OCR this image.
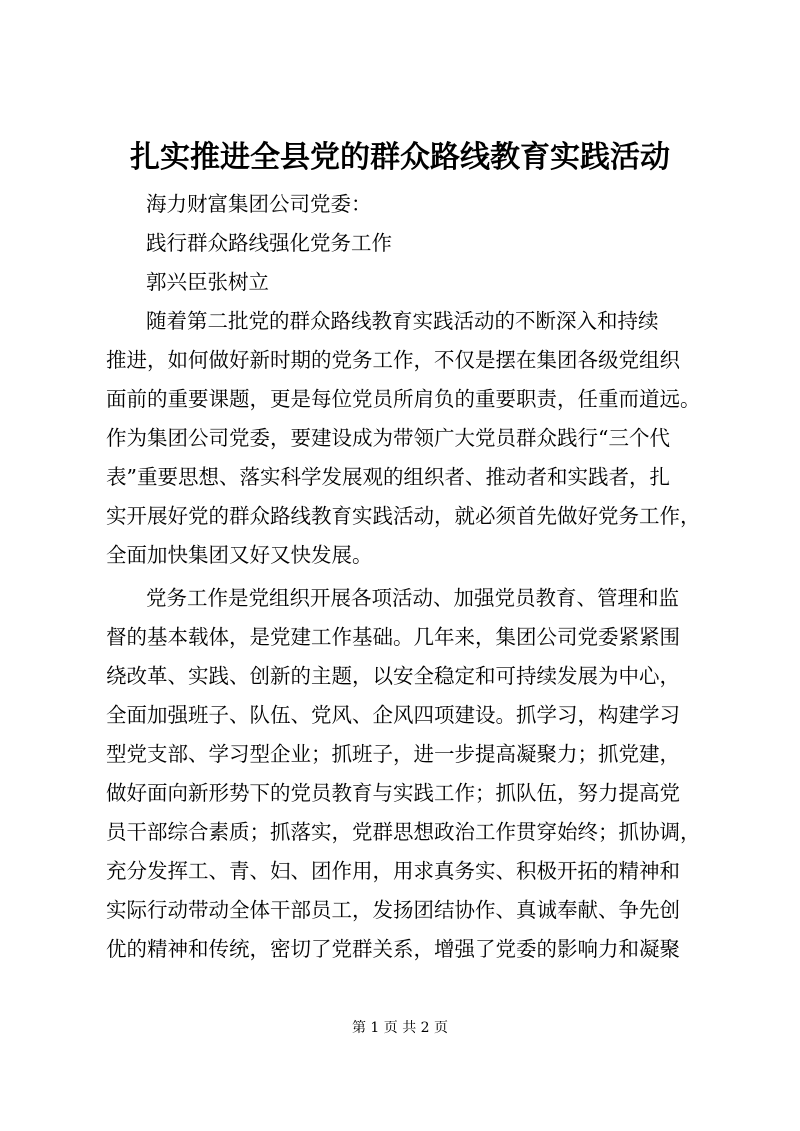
扎实推进全县党的群众路线教育实践活动
海力财富集团公司党委：
践行群众路线强化党务工作
郭兴臣张树立
随着第二批党的群众路线教育实践活动的不断深入和持续
推进，如何做好新时期的党务工作，不仅是摆在集团各级党组织
面前的重要课题，更是每位党员所肩负的重要职责，任重而道远。
作为集团公司党委，要建设成为带领广大党员群众践行“三个代
表”重要思想、落实科学发展观的组织者、推动者和实践者，扎
实开展好党的群众路线教育实践活动，就必须首先做好党务工作，
全面加快集团又好又快发展。
党务工作是党组织开展各项活动、加强党员教育、管理和监
督的基本载体，是党建工作基础。几年来，集团公司党委紧紧围
绕改革、实践、创新的主题，以安全稳定和可持续发展为中心，
全面加强班子、队伍、党风、企风四项建设。抓学习，构建学习
型党支部、学习型企业；抓班子，进一步提高凝聚力；抓党建，
做好面向新形势下的党员教育与实践工作；抓队伍，努力提高党
员干部综合素质；抓落实，党群思想政治工作贯穿始终；抓协调，
充分发挥工、青、妇、团作用，用求真务实、积极开拓的精神和
实际行动带动全体干部员工，发扬团结协作、真诚奉献、争先创
优的精神和传统，密切了党群关系，增强了党委的影响力和凝聚
第 1 页 共 2 页
